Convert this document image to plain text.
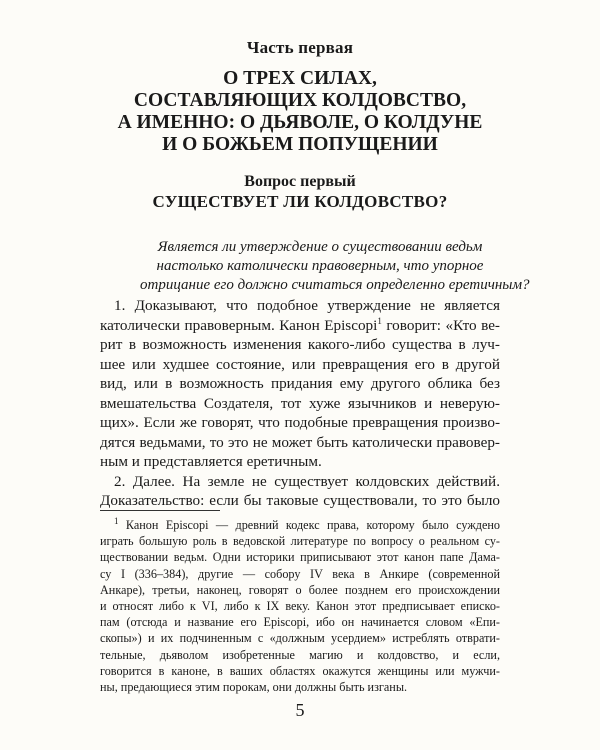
Часть первая
О ТРЕХ СИЛАХ,
СОСТАВЛЯЮЩИХ КОЛДОВСТВО,
А ИМЕННО: О ДЬЯВОЛЕ, О КОЛДУНЕ
И О БОЖЬЕМ ПОПУЩЕНИИ
Вопрос первый
СУЩЕСТВУЕТ ЛИ КОЛДОВСТВО?
Является ли утверждение о существовании ведьм
настолько католически правоверным, что упорное
отрицание его должно считаться определенно еретичным?
1. Доказывают, что подобное утверждение не является
католически правоверным. Канон Episcopi$^1$ говорит: «Кто ве-
рит в возможность изменения какого-либо существа в луч-
шее или худшее состояние, или превращения его в другой
вид, или в возможность придания ему другого облика без
вмешательства Создателя, тот хуже язычников и неверую-
щих». Если же говорят, что подобные превращения произво-
дятся ведьмами, то это не может быть католически правовер-
ным и представляется еретичным.
2. Далее. На земле не существует колдовских действий.
Доказательство: если бы таковые существовали, то это было
$^1$ Канон Episcopi — древний кодекс права, которому было суждено
играть большую роль в ведовской литературе по вопросу о реальном су-
ществовании ведьм. Одни историки приписывают этот канон папе Дама-
су I (336–384), другие — собору IV века в Анкире (современной
Анкаре), третьи, наконец, говорят о более позднем его происхождении
и относят либо к VI, либо к IX веку. Канон этот предписывает еписко-
пам (отсюда и название его Episcopi, ибо он начинается словом «Епи-
скопы») и их подчиненным с «должным усердием» истреблять отврати-
тельные, дьяволом изобретенные магию и колдовство, и если,
говорится в каноне, в ваших областях окажутся женщины или мужчи-
ны, предающиеся этим порокам, они должны быть изганы.
5
